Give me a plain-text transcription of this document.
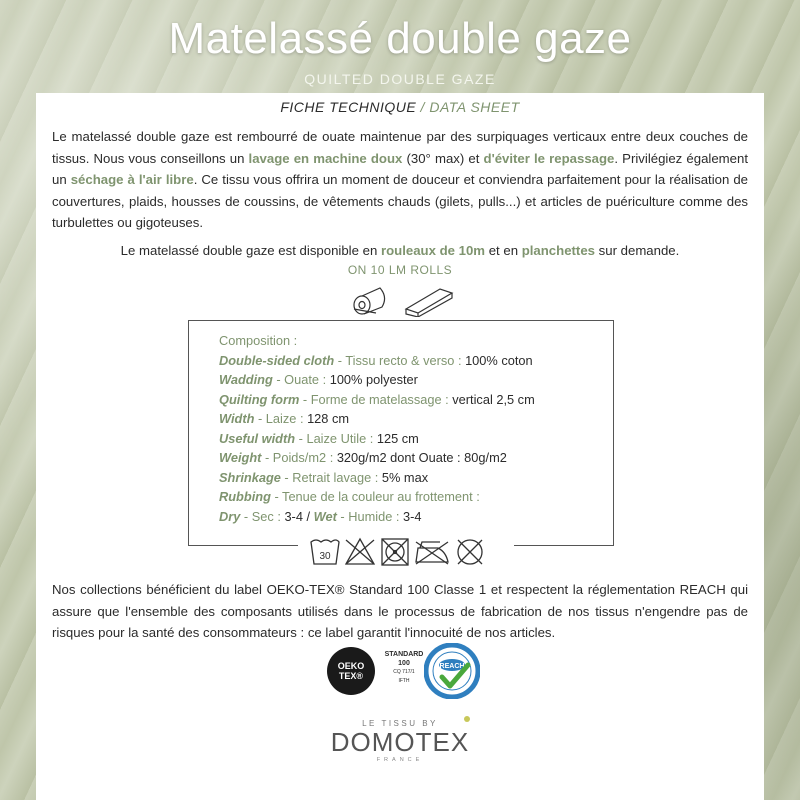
Matelassé double gaze
QUILTED DOUBLE GAZE
FICHE TECHNIQUE / DATA SHEET
Le matelassé double gaze est rembourré de ouate maintenue par des surpiquages verticaux entre deux couches de tissus. Nous vous conseillons un lavage en machine doux (30° max) et d'éviter le repassage. Privilégiez également un séchage à l'air libre. Ce tissu vous offrira un moment de douceur et conviendra parfaitement pour la réalisation de couvertures, plaids, housses de coussins, de vêtements chauds (gilets, pulls...) et articles de puériculture comme des turbulettes ou gigoteuses.
Le matelassé double gaze est disponible en rouleaux de 10m et en planchettes sur demande.
ON 10 LM ROLLS
Composition :
Double-sided cloth - Tissu recto & verso : 100% coton
Wadding - Ouate : 100% polyester
Quilting form - Forme de matelassage : vertical 2,5 cm
Width - Laize : 128 cm
Useful width - Laize Utile : 125 cm
Weight - Poids/m2 : 320g/m2 dont Ouate : 80g/m2
Shrinkage - Retrait lavage : 5% max
Rubbing - Tenue de la couleur au frottement :
Dry - Sec : 3-4 / Wet - Humide : 3-4
30
Nos collections bénéficient du label OEKO-TEX® Standard 100 Classe 1 et respectent la réglementation REACH qui assure que l'ensemble des composants utilisés dans le processus de fabrication de nos tissus n'engendre pas de risques pour la santé des consommateurs : ce label garantit l'innocuité de nos articles.
OEKO
TEX®
STANDARD
100
CQ 717/1
IFTH
REACH
LE TISSU BY
DOMOTEX
FRANCE
